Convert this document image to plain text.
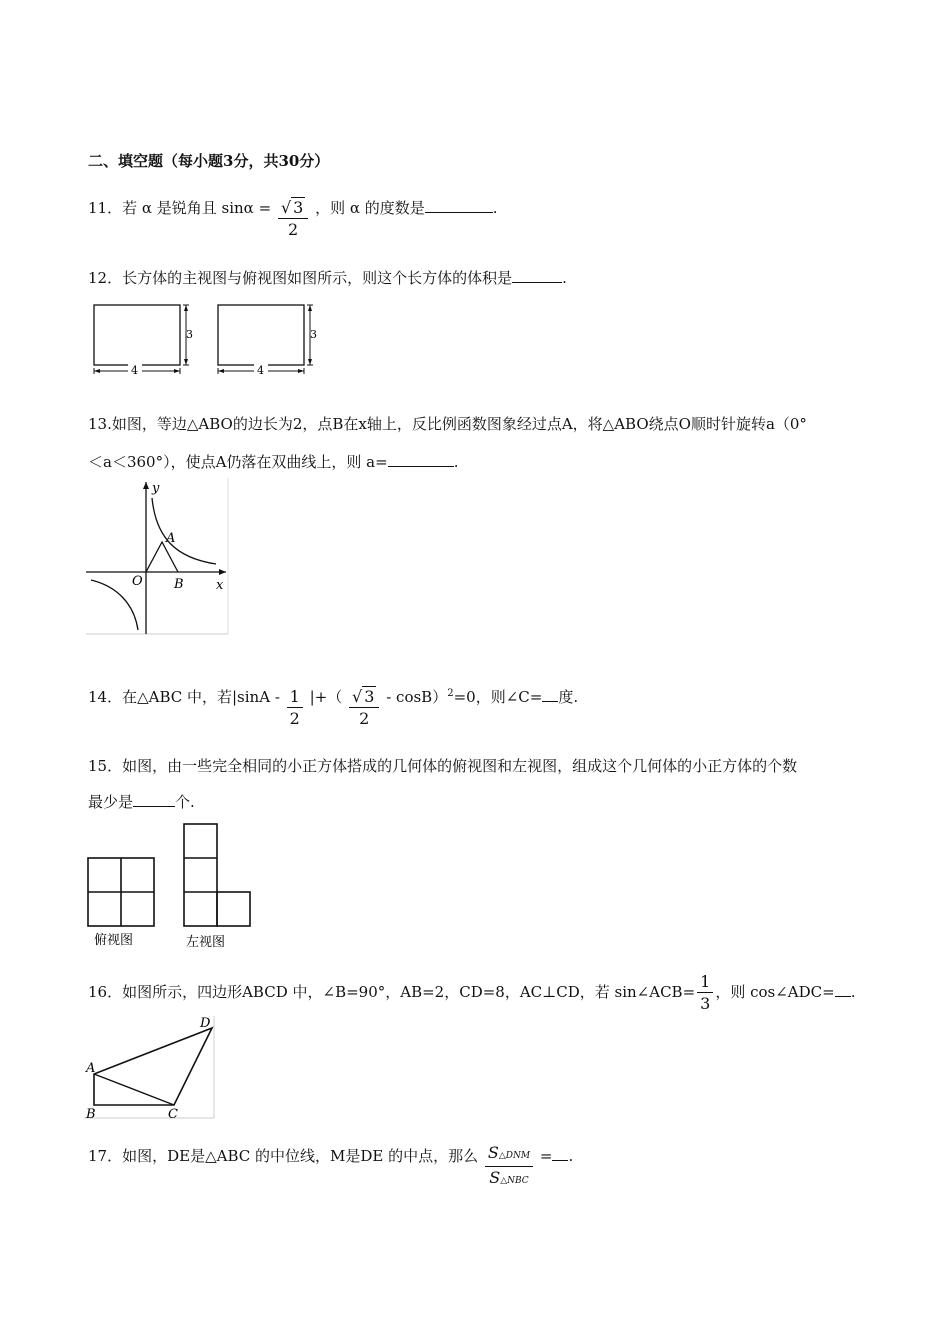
二、填空题（每小题3分，共30分）
11．若 α 是锐角且 $\sin\alpha = \frac{√ 3}{2}$ ，则 α 的度数是	.
12．长方体的主视图与俯视图如图所示，则这个长方体的体积是	.
4
3
4
3
13.如图，等边△ABO的边长为2，点B在x轴上，反比例函数图象经过点A，将△ABO绕点O顺时针旋转a（0°
＜a＜360°），使点A仍落在双曲线上，则 a=	.
y
x
O
A
B
14．在△ABC 中，若$|\sin A - \frac{1}{2}$ |+（ $\frac{√ 3}{2} - \cos B)^2=0$，则∠C= 度.
15．如图，由一些完全相同的小正方体搭成的几何体的俯视图和左视图，组成这个几何体的小正方体的个数
最少是	个.
俯视图	左视图
16．如图所示，四边形ABCD 中，∠B=90°，AB=2，CD=8，AC⊥CD，若 sin∠ACB= $\frac{1}{3}$ ，则 cos∠ADC= .
A
B	C
D
17．如图，DE是△ABC 的中位线，M是DE 的中点，那么 $\frac{\text{S△DNM}}{\text{S△NBC}}$ = .
